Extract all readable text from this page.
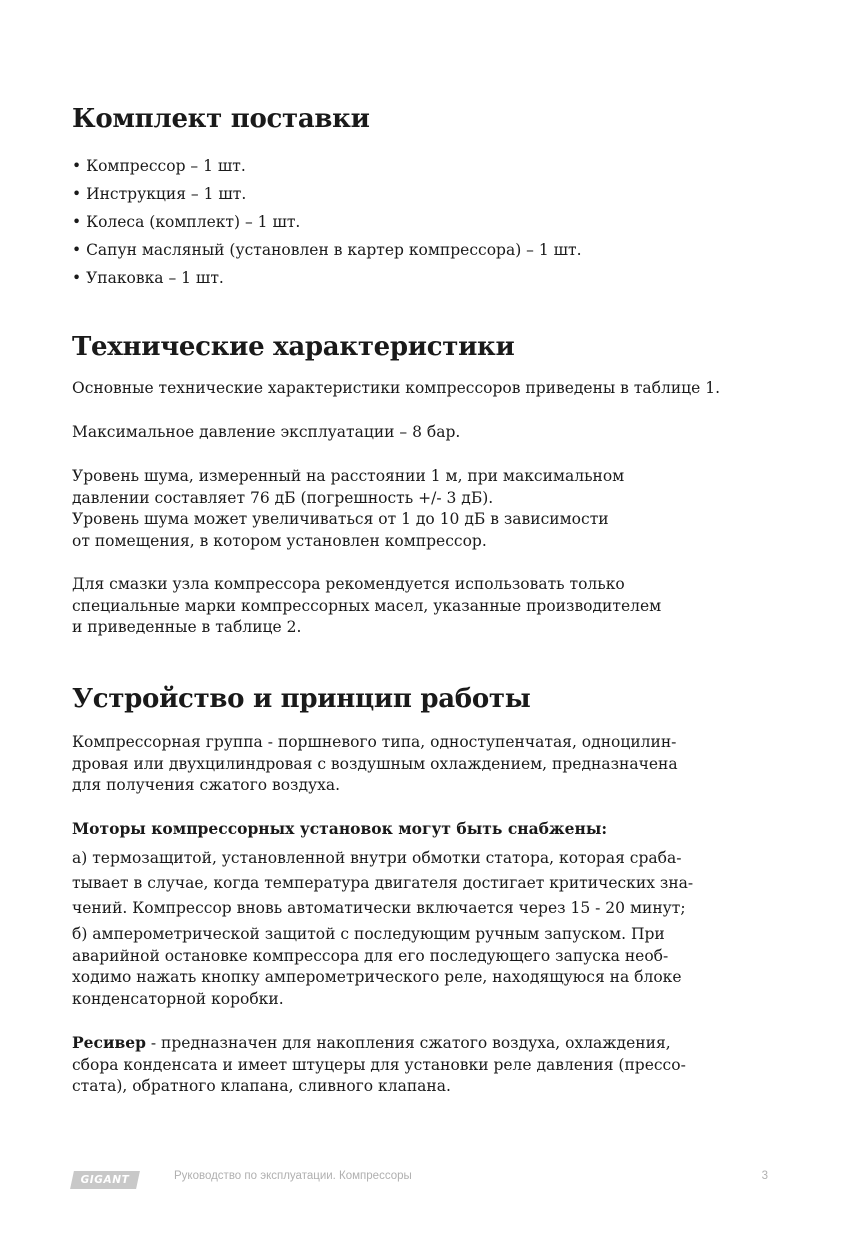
Комплект поставки
• Компрессор – 1 шт.
• Инструкция – 1 шт.
• Колеса (комплект) – 1 шт.
• Сапун масляный (установлен в картер компрессора) – 1 шт.
• Упаковка – 1 шт.
Технические характеристики

Основные технические характеристики компрессоров приведены в таблице 1.

Максимальное давление эксплуатации – 8 бар.

Уровень шума, измеренный на расстоянии 1 м, при максимальном
давлении составляет 76 дБ (погрешность +/- 3 дБ).
Уровень шума может увеличиваться от 1 до 10 дБ в зависимости
от помещения, в котором установлен компрессор.

Для смазки узла компрессора рекомендуется использовать только
специальные марки компрессорных масел, указанные производителем
и приведенные в таблице 2.

Устройство и принцип работы

Компрессорная группа - поршневого типа, одноступенчатая, одноцилин-
дровая или двухцилиндровая с воздушным охлаждением, предназначена
для получения сжатого воздуха.

Моторы компрессорных установок могут быть снабжены:

а) термозащитой, установленной внутри обмотки статора, которая сраба-
тывает в случае, когда температура двигателя достигает критических зна-
чений. Компрессор вновь автоматически включается через 15 - 20 минут;

б) амперометрической защитой с последующим ручным запуском. При
аварийной остановке компрессора для его последующего запуска необ-
ходимо нажать кнопку амперометрического реле, находящуюся на блоке
конденсаторной коробки.

Ресивер - предназначен для накопления сжатого воздуха, охлаждения,
сбора конденсата и имеет штуцеры для установки реле давления (прессо-
стата), обратного клапана, сливного клапана.

GIGANT	Руководство по эксплуатации. Компрессоры	3
